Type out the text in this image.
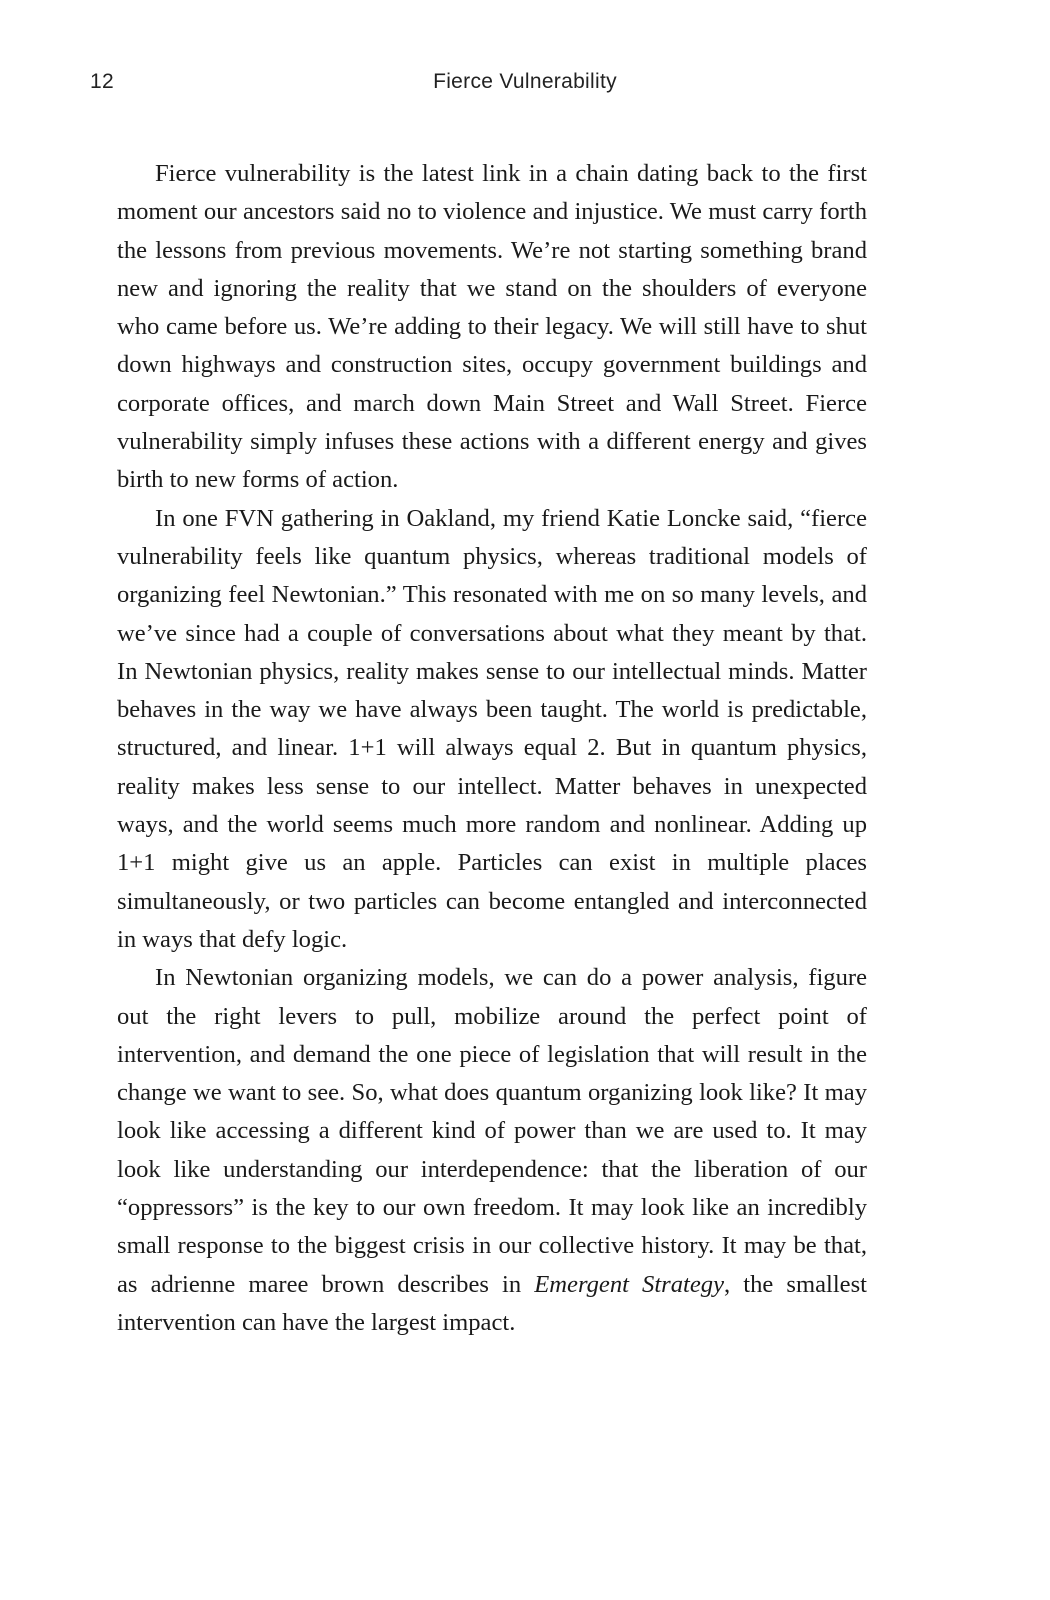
12	Fierce Vulnerability

Fierce vulnerability is the latest link in a chain dating back to the first moment our ancestors said no to violence and injustice. We must carry forth the lessons from previous movements. We’re not starting something brand new and ignoring the reality that we stand on the shoulders of everyone who came before us. We’re adding to their legacy. We will still have to shut down highways and construction sites, occupy government buildings and corporate offices, and march down Main Street and Wall Street. Fierce vulnerability simply infuses these actions with a different energy and gives birth to new forms of action.

In one FVN gathering in Oakland, my friend Katie Loncke said, “fierce vulnerability feels like quantum physics, whereas traditional models of organizing feel Newtonian.” This resonated with me on so many levels, and we’ve since had a couple of conversations about what they meant by that. In Newtonian physics, reality makes sense to our intellectual minds. Matter behaves in the way we have always been taught. The world is predictable, structured, and linear. 1+1 will always equal 2. But in quantum physics, reality makes less sense to our intellect. Matter behaves in unexpected ways, and the world seems much more random and nonlinear. Adding up 1+1 might give us an apple. Particles can exist in multiple places simultaneously, or two particles can become entangled and interconnected in ways that defy logic.

In Newtonian organizing models, we can do a power analysis, figure out the right levers to pull, mobilize around the perfect point of intervention, and demand the one piece of legislation that will result in the change we want to see. So, what does quantum organizing look like? It may look like accessing a different kind of power than we are used to. It may look like understanding our interdependence: that the liberation of our “oppressors” is the key to our own freedom. It may look like an incredibly small response to the biggest crisis in our collective history. It may be that, as adrienne maree brown describes in Emergent Strategy, the smallest intervention can have the largest impact.
